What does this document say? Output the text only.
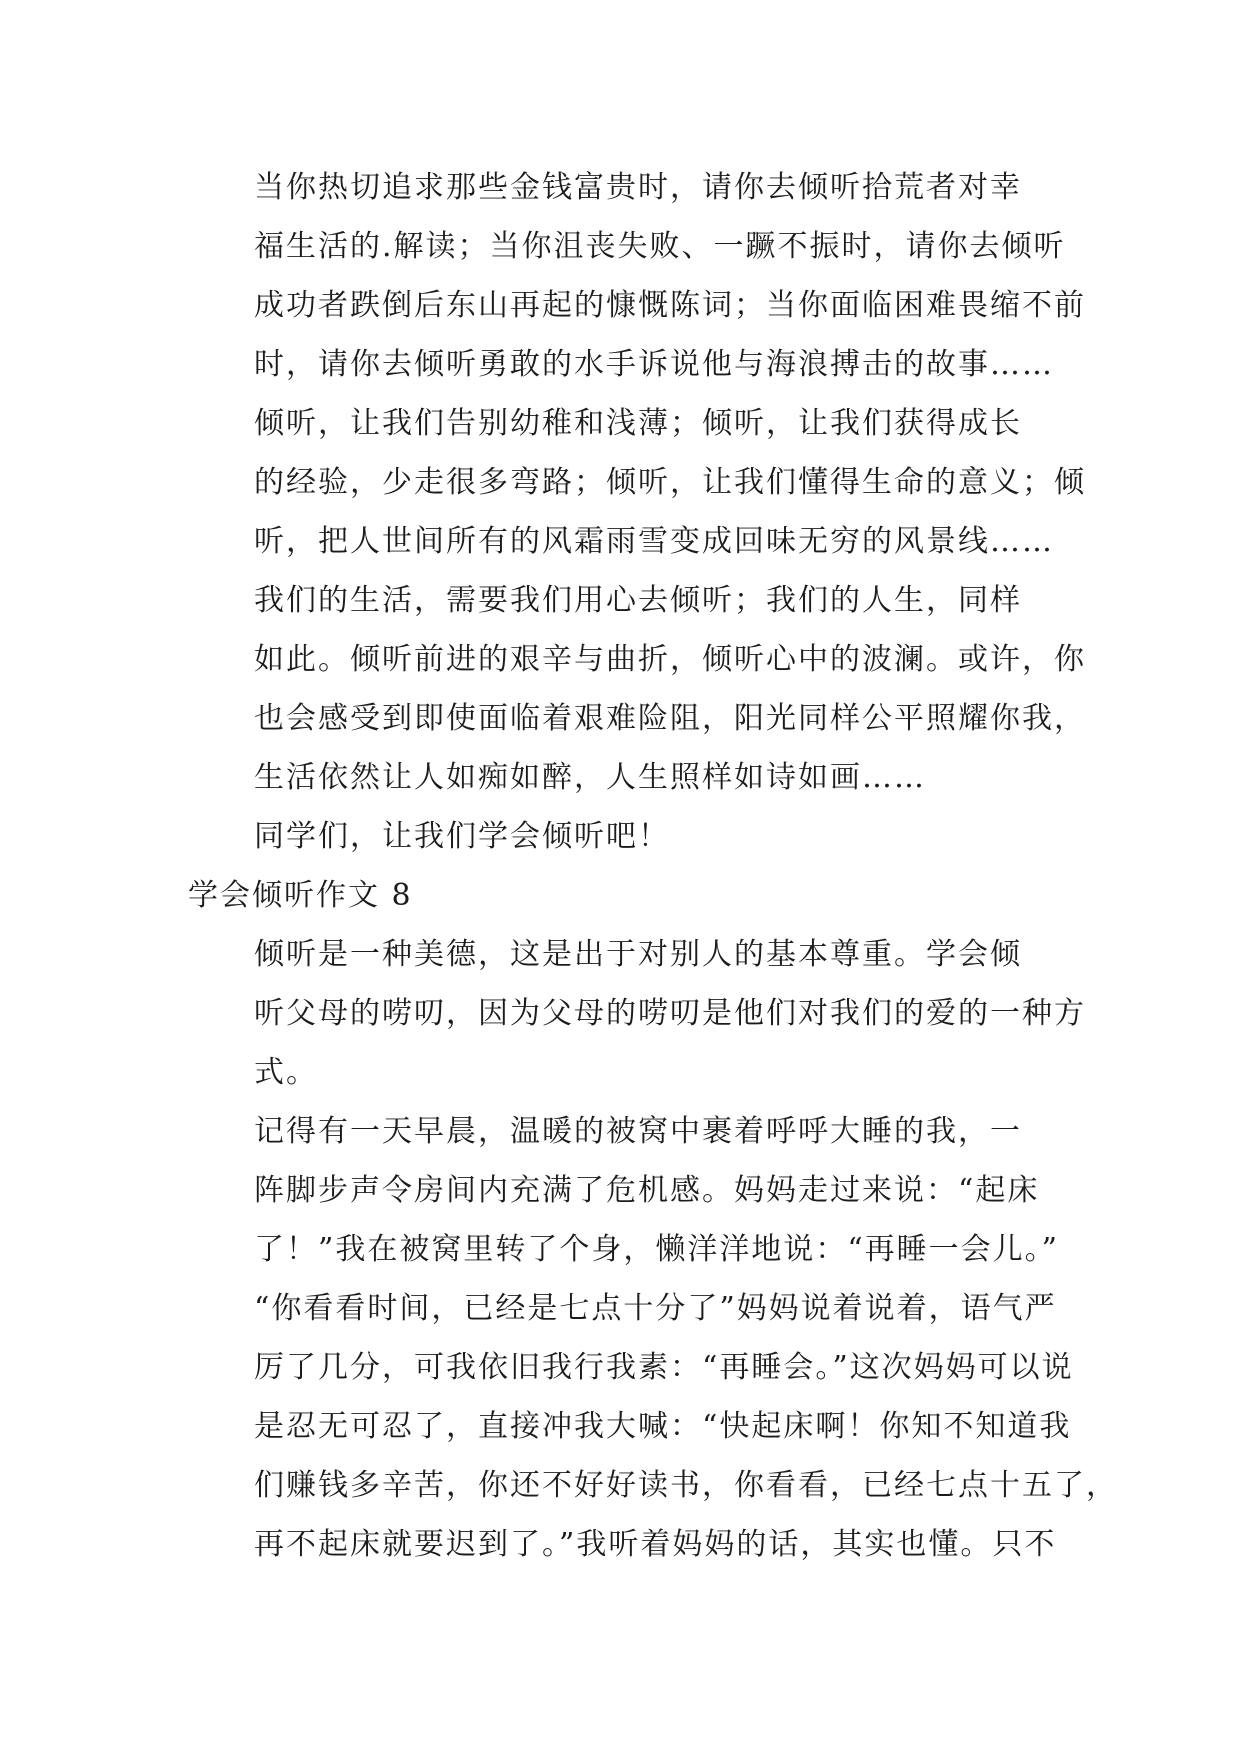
当你热切追求那些金钱富贵时，请你去倾听拾荒者对幸
福生活的.解读；当你沮丧失败、一蹶不振时，请你去倾听
成功者跌倒后东山再起的慷慨陈词；当你面临困难畏缩不前
时，请你去倾听勇敢的水手诉说他与海浪搏击的故事……
倾听，让我们告别幼稚和浅薄；倾听，让我们获得成长
的经验，少走很多弯路；倾听，让我们懂得生命的意义；倾
听，把人世间所有的风霜雨雪变成回味无穷的风景线……
我们的生活，需要我们用心去倾听；我们的人生，同样
如此。倾听前进的艰辛与曲折，倾听心中的波澜。或许，你
也会感受到即使面临着艰难险阻，阳光同样公平照耀你我，
生活依然让人如痴如醉，人生照样如诗如画……
同学们，让我们学会倾听吧！
学会倾听作文 8
倾听是一种美德，这是出于对别人的基本尊重。学会倾
听父母的唠叨，因为父母的唠叨是他们对我们的爱的一种方
式。
记得有一天早晨，温暖的被窝中裹着呼呼大睡的我，一
阵脚步声令房间内充满了危机感。妈妈走过来说：“起床
了！”我在被窝里转了个身，懒洋洋地说：“再睡一会儿。”
“你看看时间，已经是七点十分了”妈妈说着说着，语气严
厉了几分，可我依旧我行我素：“再睡会。”这次妈妈可以说
是忍无可忍了，直接冲我大喊：“快起床啊！你知不知道我
们赚钱多辛苦，你还不好好读书，你看看，已经七点十五了，
再不起床就要迟到了。”我听着妈妈的话，其实也懂。只不
